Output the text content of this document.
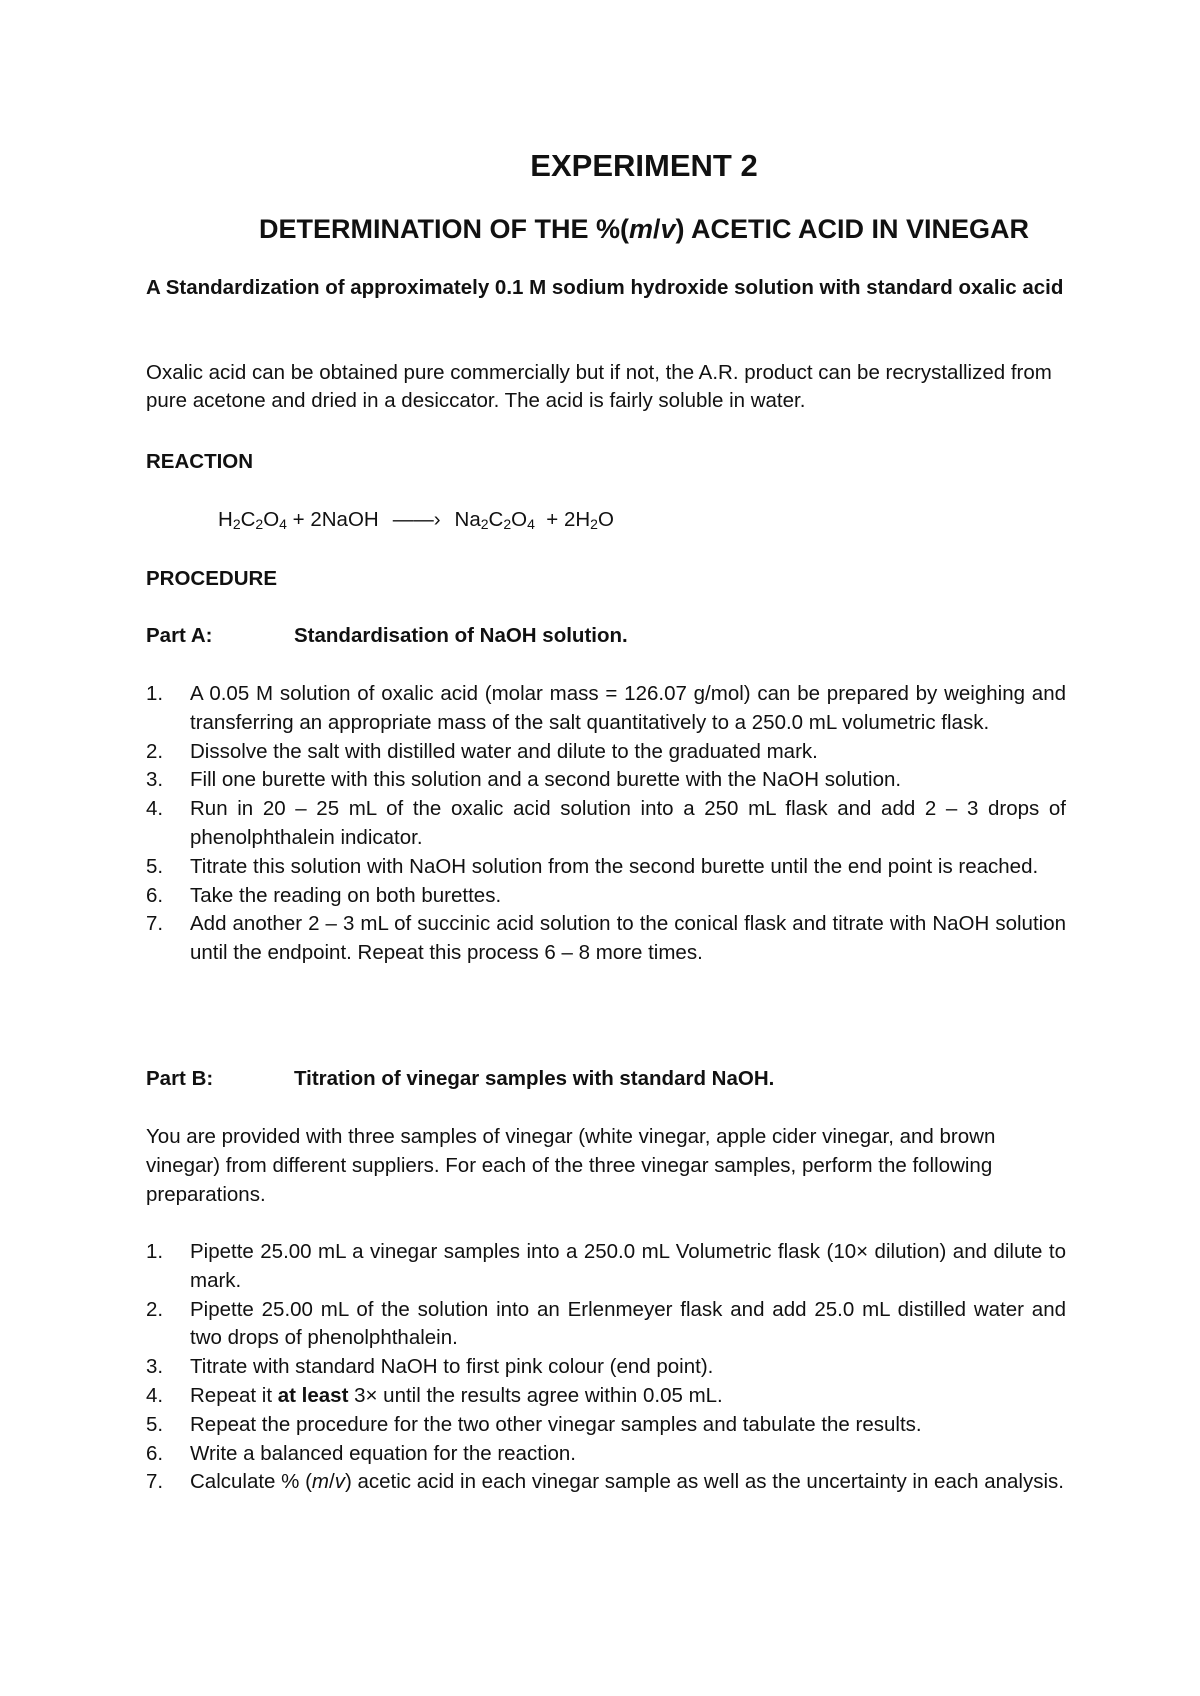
EXPERIMENT 2
DETERMINATION OF THE %(m/v) ACETIC ACID IN VINEGAR
A Standardization of approximately 0.1 M sodium hydroxide solution with standard oxalic acid
Oxalic acid can be obtained pure commercially but if not, the A.R. product can be recrystallized from pure acetone and dried in a desiccator. The acid is fairly soluble in water.
REACTION
$H_2C_2O_4$ + 2NaOH ——› $Na_2C_2O_4 + 2H_2O$
PROCEDURE
Part A:	Standardisation of NaOH solution.
1. A 0.05 M solution of oxalic acid (molar mass = 126.07 g/mol) can be prepared by weighing and transferring an appropriate mass of the salt quantitatively to a 250.0 mL volumetric flask.
2. Dissolve the salt with distilled water and dilute to the graduated mark.
3. Fill one burette with this solution and a second burette with the NaOH solution.
4. Run in 20 – 25 mL of the oxalic acid solution into a 250 mL flask and add 2 – 3 drops of phenolphthalein indicator.
5. Titrate this solution with NaOH solution from the second burette until the end point is reached.
6. Take the reading on both burettes.
7. Add another 2 – 3 mL of succinic acid solution to the conical flask and titrate with NaOH solution until the endpoint. Repeat this process 6 – 8 more times.
Part B:	Titration of vinegar samples with standard NaOH.
You are provided with three samples of vinegar (white vinegar, apple cider vinegar, and brown vinegar) from different suppliers. For each of the three vinegar samples, perform the following preparations.
1. Pipette 25.00 mL a vinegar samples into a 250.0 mL Volumetric flask (10× dilution) and dilute to mark.
2. Pipette 25.00 mL of the solution into an Erlenmeyer flask and add 25.0 mL distilled water and two drops of phenolphthalein.
3. Titrate with standard NaOH to first pink colour (end point).
4. Repeat it at least 3× until the results agree within 0.05 mL.
5. Repeat the procedure for the two other vinegar samples and tabulate the results.
6. Write a balanced equation for the reaction.
7. Calculate % (m/v) acetic acid in each vinegar sample as well as the uncertainty in each analysis.
